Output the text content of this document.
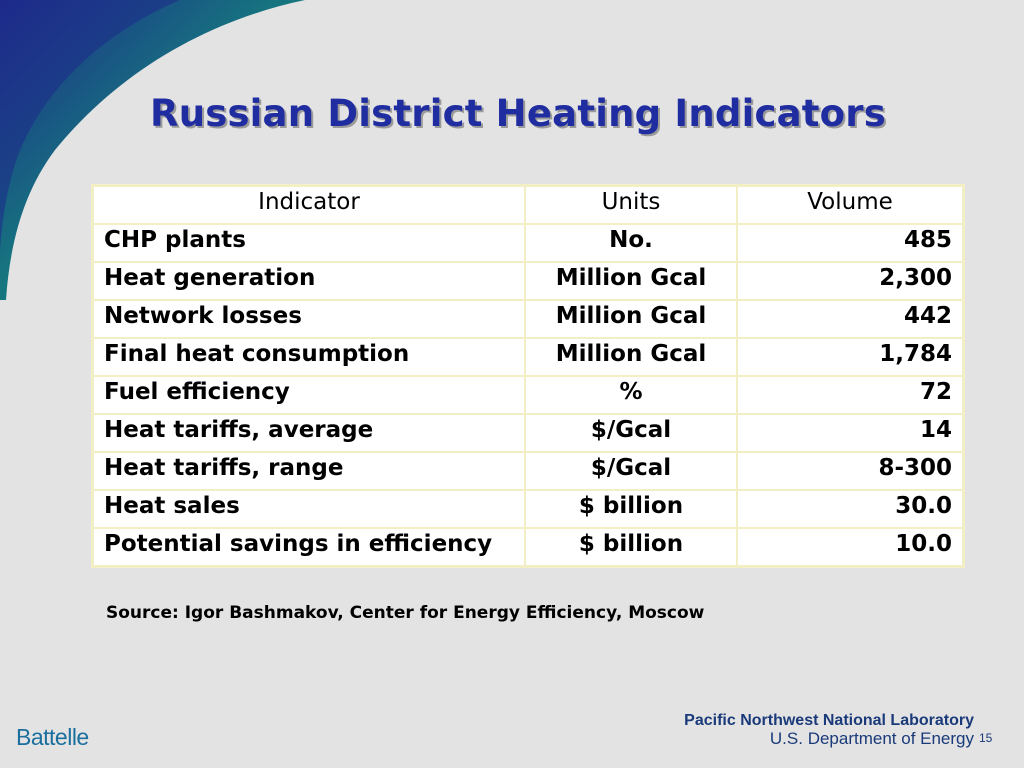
Russian District Heating Indicators
Indicator	Units	Volume
CHP plants	No.	485
Heat generation	Million Gcal	2,300
Network losses	Million Gcal	442
Final heat consumption	Million Gcal	1,784
Fuel efficiency	%	72
Heat tariffs, average	$/Gcal	14
Heat tariffs, range	$/Gcal	8-300
Heat sales	$ billion	30.0
Potential savings in efficiency	$ billion	10.0
Source: Igor Bashmakov, Center for Energy Efficiency, Moscow
Battelle
Pacific Northwest National Laboratory
U.S. Department of Energy 15
